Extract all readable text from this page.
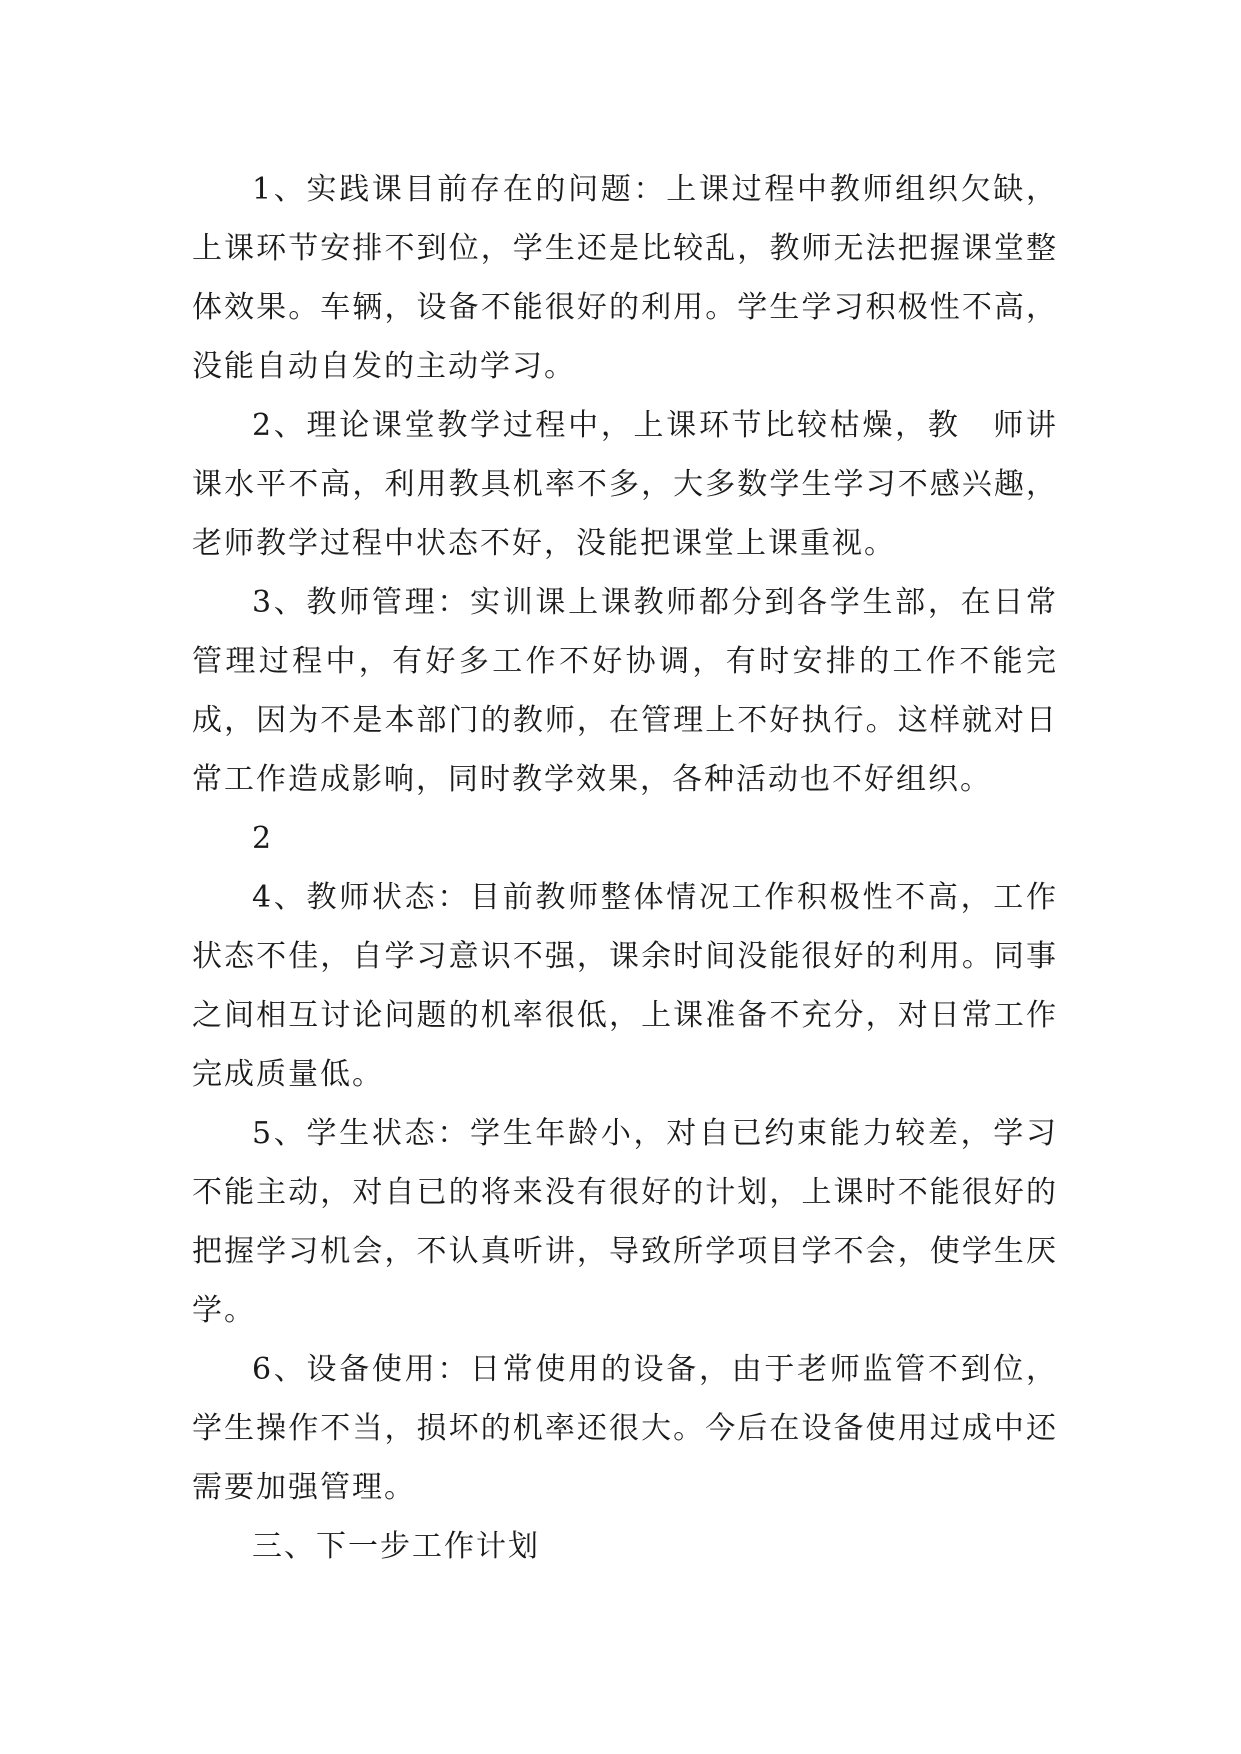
1、实践课目前存在的问题：上课过程中教师组织欠缺，上课环节安排不到位，学生还是比较乱，教师无法把握课堂整体效果。车辆，设备不能很好的利用。学生学习积极性不高，没能自动自发的主动学习。

2、理论课堂教学过程中，上课环节比较枯燥，教　师讲课水平不高，利用教具机率不多，大多数学生学习不感兴趣，老师教学过程中状态不好，没能把课堂上课重视。

3、教师管理：实训课上课教师都分到各学生部，在日常管理过程中，有好多工作不好协调，有时安排的工作不能完成，因为不是本部门的教师，在管理上不好执行。这样就对日常工作造成影响，同时教学效果，各种活动也不好组织。

2

4、教师状态：目前教师整体情况工作积极性不高，工作状态不佳，自学习意识不强，课余时间没能很好的利用。同事之间相互讨论问题的机率很低，上课准备不充分，对日常工作完成质量低。

5、学生状态：学生年龄小，对自已约束能力较差，学习不能主动，对自已的将来没有很好的计划，上课时不能很好的把握学习机会，不认真听讲，导致所学项目学不会，使学生厌学。

6、设备使用：日常使用的设备，由于老师监管不到位，学生操作不当，损坏的机率还很大。今后在设备使用过成中还需要加强管理。

三、下一步工作计划
